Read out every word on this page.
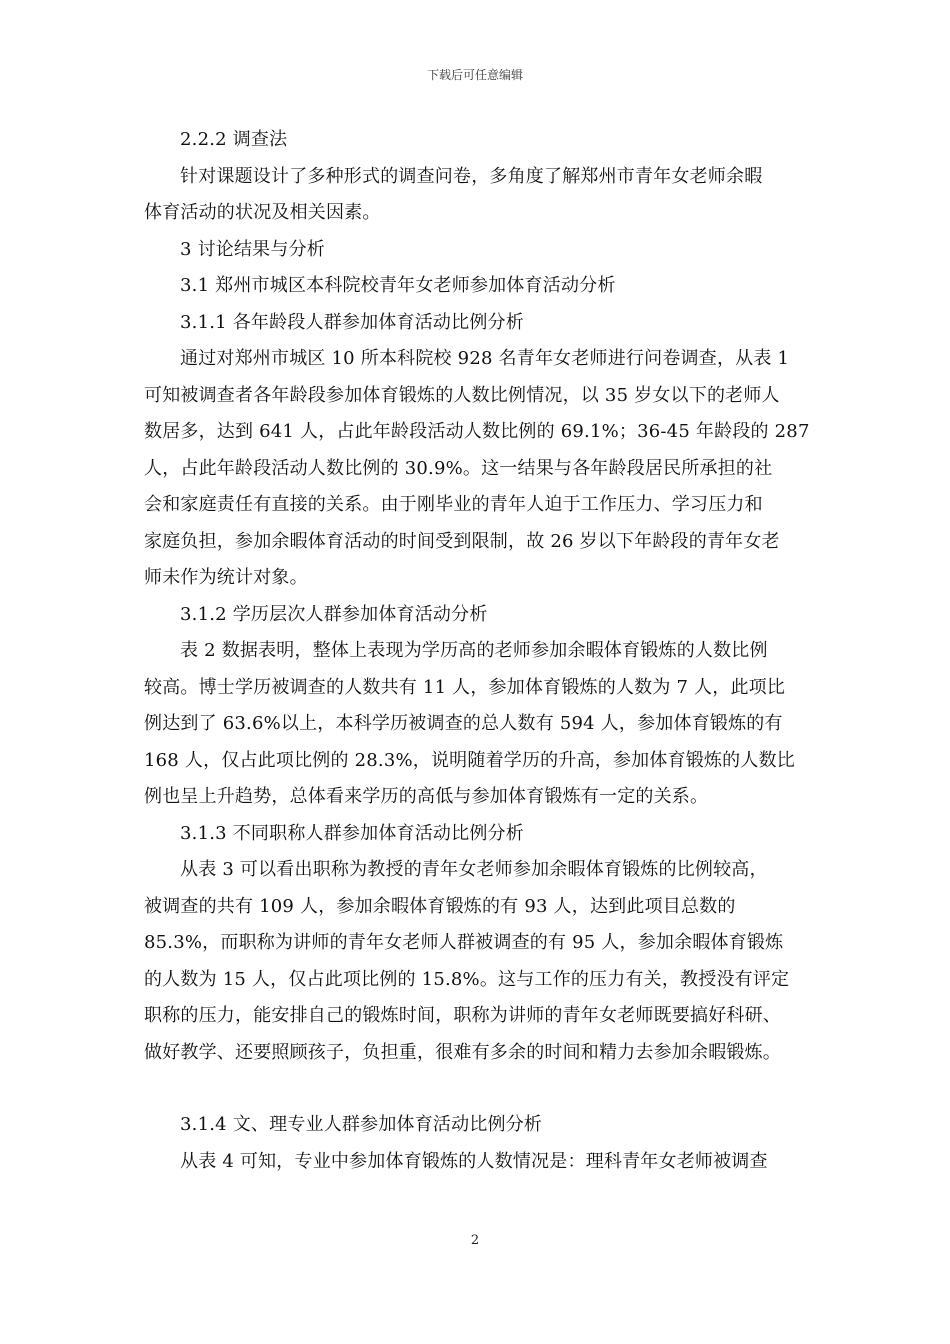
下载后可任意编辑
2.2.2 调查法
针对课题设计了多种形式的调查问卷，多角度了解郑州市青年女老师余暇
体育活动的状况及相关因素。
3 讨论结果与分析
3.1 郑州市城区本科院校青年女老师参加体育活动分析
3.1.1 各年龄段人群参加体育活动比例分析
通过对郑州市城区 10 所本科院校 928 名青年女老师进行问卷调查，从表 1
可知被调查者各年龄段参加体育锻炼的人数比例情况，以 35 岁女以下的老师人
数居多，达到 641 人，占此年龄段活动人数比例的 69.1%；36-45 年龄段的 287
人，占此年龄段活动人数比例的 30.9%。这一结果与各年龄段居民所承担的社
会和家庭责任有直接的关系。由于刚毕业的青年人迫于工作压力、学习压力和
家庭负担，参加余暇体育活动的时间受到限制，故 26 岁以下年龄段的青年女老
师未作为统计对象。
3.1.2 学历层次人群参加体育活动分析
表 2 数据表明，整体上表现为学历高的老师参加余暇体育锻炼的人数比例
较高。博士学历被调查的人数共有 11 人，参加体育锻炼的人数为 7 人，此项比
例达到了 63.6%以上，本科学历被调查的总人数有 594 人，参加体育锻炼的有
168 人，仅占此项比例的 28.3%，说明随着学历的升高，参加体育锻炼的人数比
例也呈上升趋势，总体看来学历的高低与参加体育锻炼有一定的关系。
3.1.3 不同职称人群参加体育活动比例分析
从表 3 可以看出职称为教授的青年女老师参加余暇体育锻炼的比例较高，
被调查的共有 109 人，参加余暇体育锻炼的有 93 人，达到此项目总数的
85.3%，而职称为讲师的青年女老师人群被调查的有 95 人，参加余暇体育锻炼
的人数为 15 人，仅占此项比例的 15.8%。这与工作的压力有关，教授没有评定
职称的压力，能安排自己的锻炼时间，职称为讲师的青年女老师既要搞好科研、
做好教学、还要照顾孩子，负担重，很难有多余的时间和精力去参加余暇锻炼。
3.1.4 文、理专业人群参加体育活动比例分析
从表 4 可知，专业中参加体育锻炼的人数情况是：理科青年女老师被调查
2
